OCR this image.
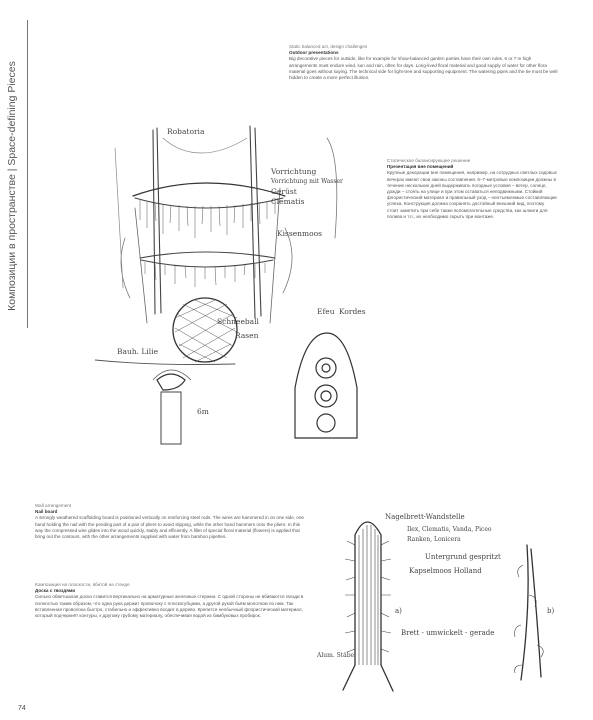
Композиции в пространстве | Space-defining Pieces
Static balanced act, design challenges
Outdoor presentations
Big decorative pieces for outside, like for example for show-balanced garden parties have their own rules. 6 or 7 m high arrangements must endure wind, sun and rain, often for days. Long-lived floral material and good supply of water for other flora material goes without saying. The technical side for light-tree and supporting equipment. The watering pipes and the tie must be well hidden to create a more perfect illusion.
Статическое балансирующее решение
Презентация вне помещений
Крупные декорации вне помещения, например, на сотрудных светлых садовых вечерах имеют свои законы составления. 6–7-метровые композиции должны в течение нескольких дней выдерживать погодные условия – ветер, солнце, дожди – стоять на улице и при этом оставаться неподвижными. Стойкий флористический материал и правильный уход – неотъемлемые составляющие успеха. Конструкция должна сохранять достойный внешний вид, поэтому стоит заметить при себе также вспомогательные средства, как шланги для полива и т.п., их необходимо скрыть при монтаже.
Wall arrangement
Nail board
A strongly weathered scaffolding board is positioned vertically on reinforcing steel rods. The wires are hammered in on one side, one hand holding the nail with the pending part of a pair of pliers to avoid slipping, while the other hand hammers onto the pliers. In this way the compressed wire glides into the wood quickly, stably and efficiently. A fillet of special floral material (flowers) is applied that bring out the contours, with the other arrangements supplied with water from bamboo pipettes.
Композиция на плоскости, вбитой на стенде
Доска с гвоздями
Сильно обветшалая доска ставится вертикально на арматурные железные стержни. С одной стороны не вбиваются гвозди в полностью таким образом, что одна рука держит проволоку с плоскогубцами, а другой рукой бьём молотком по ним. Так вставленная проволока быстро, стабильно и эффективно входит в дерево. Крепится необычный флористический материал, который подчеркнёт контуры, к другому грубому материалу, обеспечивая водой из бамбуковых пробирок.
Robatoria
Vorrichtung
Vorrichtung mit Wasser
Gerüst
Clematis
Kissenmoos
Schneeball
Rasen
Efeu Kordes
Bauh. Lilie
6m
Nagelbrett-Wandstelle
Ilex, Clematis, Vanda, Piceo
Ranken, Lonicera
Untergrund gespritzt
Kapselmoos Holland
Brett - umwickelt - gerade
Alum. Stäbe
a)	b)
74
